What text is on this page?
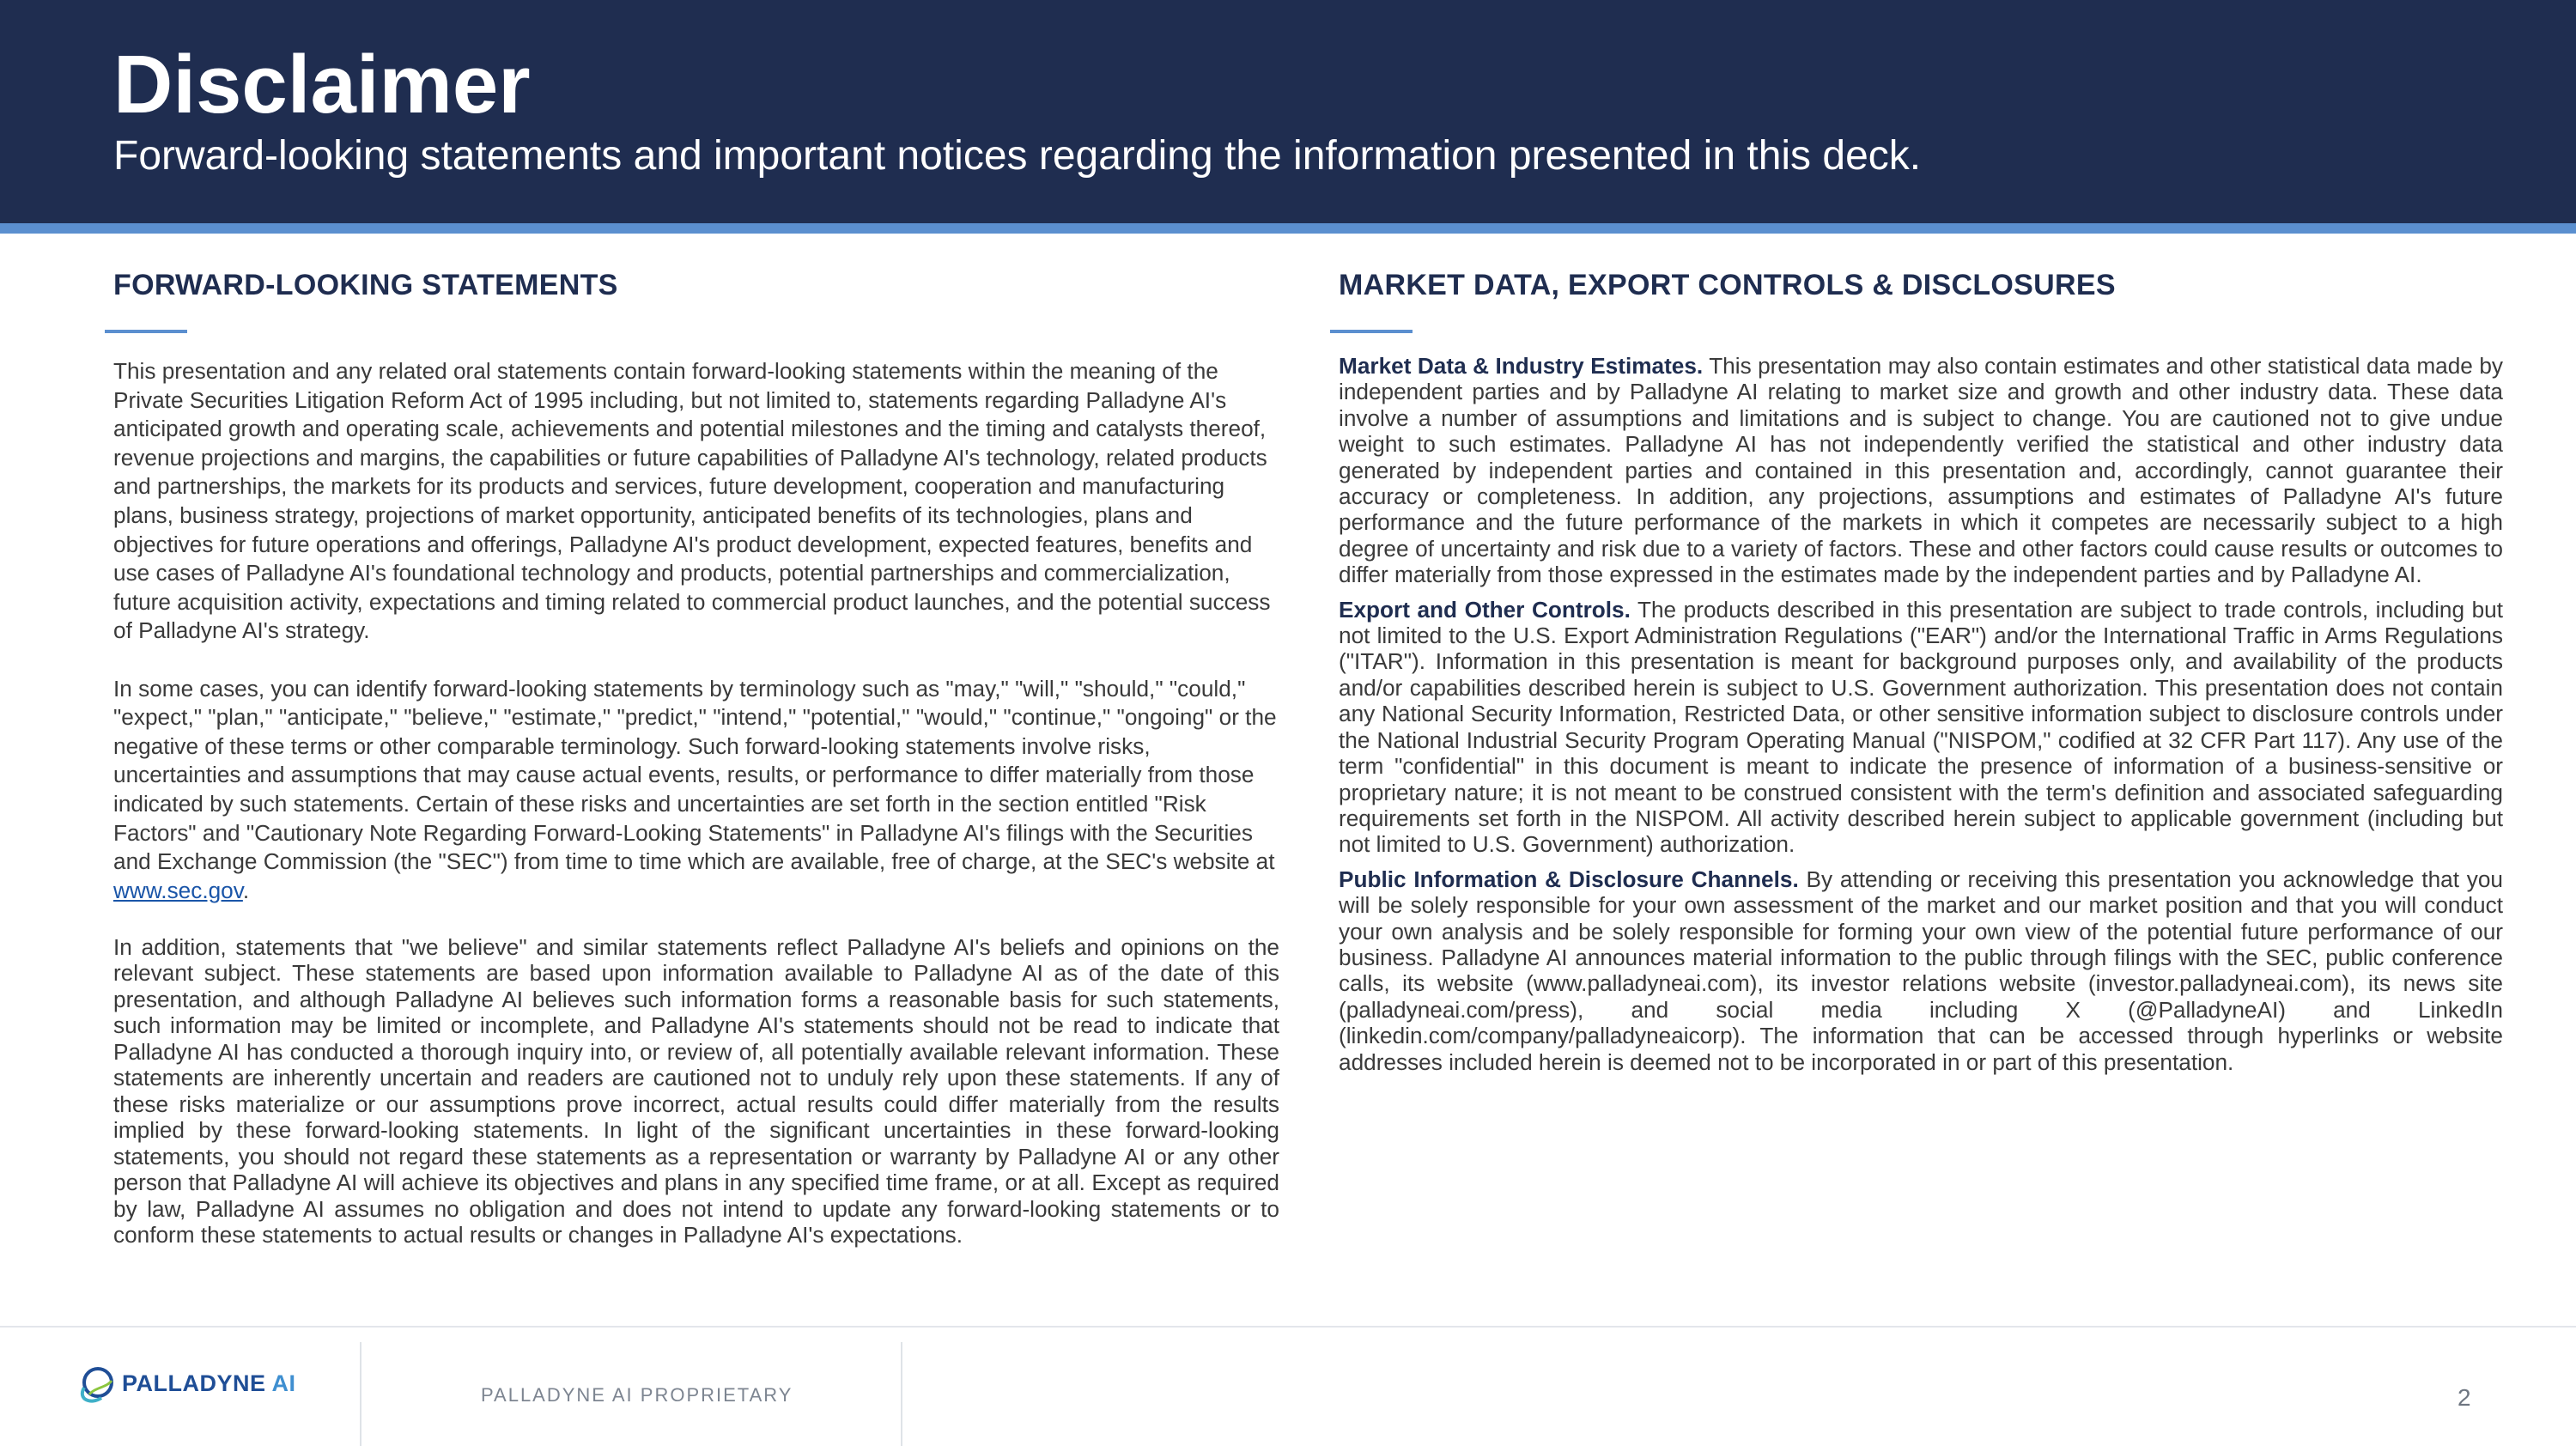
Disclaimer
Forward-looking statements and important notices regarding the information presented in this deck.
FORWARD-LOOKING STATEMENTS	MARKET DATA, EXPORT CONTROLS & DISCLOSURES

This presentation and any related oral statements contain forward-looking statements within the meaning of the Private Securities Litigation Reform Act of 1995 including, but not limited to, statements regarding Palladyne AI's anticipated growth and operating scale, achievements and potential milestones and the timing and catalysts thereof, revenue projections and margins, the capabilities or future capabilities of Palladyne AI's technology, related products and partnerships, the markets for its products and services, future development, cooperation and manufacturing plans, business strategy, projections of market opportunity, anticipated benefits of its technologies, plans and objectives for future operations and offerings, Palladyne AI's product development, expected features, benefits and use cases of Palladyne AI's foundational technology and products, potential partnerships and commercialization, future acquisition activity, expectations and timing related to commercial product launches, and the potential success of Palladyne AI's strategy.

In some cases, you can identify forward-looking statements by terminology such as "may," "will," "should," "could," "expect," "plan," "anticipate," "believe," "estimate," "predict," "intend," "potential," "would," "continue," "ongoing" or the negative of these terms or other comparable terminology. Such forward-looking statements involve risks, uncertainties and assumptions that may cause actual events, results, or performance to differ materially from those indicated by such statements. Certain of these risks and uncertainties are set forth in the section entitled "Risk Factors" and "Cautionary Note Regarding Forward-Looking Statements" in Palladyne AI's filings with the Securities and Exchange Commission (the "SEC") from time to time which are available, free of charge, at the SEC's website at www.sec.gov.

In addition, statements that "we believe" and similar statements reflect Palladyne AI's beliefs and opinions on the relevant subject. These statements are based upon information available to Palladyne AI as of the date of this presentation, and although Palladyne AI believes such information forms a reasonable basis for such statements, such information may be limited or incomplete, and Palladyne AI's statements should not be read to indicate that Palladyne AI has conducted a thorough inquiry into, or review of, all potentially available relevant information. These statements are inherently uncertain and readers are cautioned not to unduly rely upon these statements. If any of these risks materialize or our assumptions prove incorrect, actual results could differ materially from the results implied by these forward-looking statements. In light of the significant uncertainties in these forward-looking statements, you should not regard these statements as a representation or warranty by Palladyne AI or any other person that Palladyne AI will achieve its objectives and plans in any specified time frame, or at all. Except as required by law, Palladyne AI assumes no obligation and does not intend to update any forward-looking statements or to conform these statements to actual results or changes in Palladyne AI's expectations.

Market Data & Industry Estimates. This presentation may also contain estimates and other statistical data made by independent parties and by Palladyne AI relating to market size and growth and other industry data. These data involve a number of assumptions and limitations and is subject to change. You are cautioned not to give undue weight to such estimates. Palladyne AI has not independently verified the statistical and other industry data generated by independent parties and contained in this presentation and, accordingly, cannot guarantee their accuracy or completeness. In addition, any projections, assumptions and estimates of Palladyne AI's future performance and the future performance of the markets in which it competes are necessarily subject to a high degree of uncertainty and risk due to a variety of factors. These and other factors could cause results or outcomes to differ materially from those expressed in the estimates made by the independent parties and by Palladyne AI.

Export and Other Controls. The products described in this presentation are subject to trade controls, including but not limited to the U.S. Export Administration Regulations ("EAR") and/or the International Traffic in Arms Regulations ("ITAR"). Information in this presentation is meant for background purposes only, and availability of the products and/or capabilities described herein is subject to U.S. Government authorization. This presentation does not contain any National Security Information, Restricted Data, or other sensitive information subject to disclosure controls under the National Industrial Security Program Operating Manual ("NISPOM," codified at 32 CFR Part 117). Any use of the term "confidential" in this document is meant to indicate the presence of information of a business-sensitive or proprietary nature; it is not meant to be construed consistent with the term's definition and associated safeguarding requirements set forth in the NISPOM. All activity described herein subject to applicable government (including but not limited to U.S. Government) authorization.

Public Information & Disclosure Channels. By attending or receiving this presentation you acknowledge that you will be solely responsible for your own assessment of the market and our market position and that you will conduct your own analysis and be solely responsible for forming your own view of the potential future performance of our business. Palladyne AI announces material information to the public through filings with the SEC, public conference calls, its website (www.palladyneai.com), its investor relations website (investor.palladyneai.com), its news site (palladyneai.com/press), and social media including X (@PalladyneAI) and LinkedIn (linkedin.com/company/palladyneaicorp). The information that can be accessed through hyperlinks or website addresses included herein is deemed not to be incorporated in or part of this presentation.

PALLADYNE AI	PALLADYNE AI PROPRIETARY	2
